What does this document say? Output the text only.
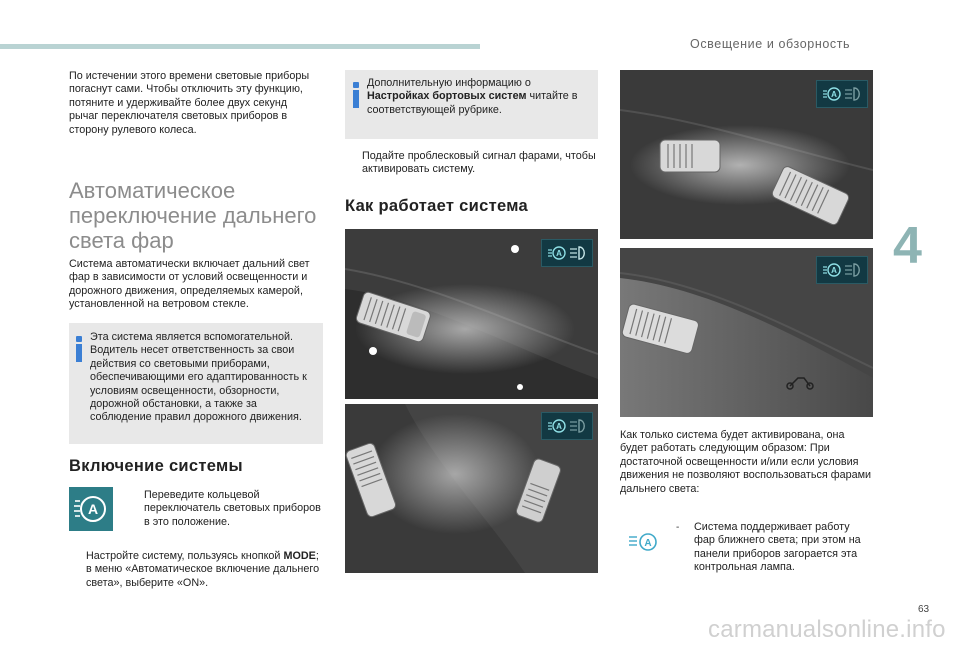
Освещение и обзорность
4
По истечении этого времени световые приборы погаснут сами. Чтобы отключить эту функцию, потяните и удерживайте более двух секунд рычаг переключателя световых приборов в сторону рулевого колеса.
Автоматическое переключение дальнего света фар
Система автоматически включает дальний свет фар в зависимости от условий освещенности и дорожного движения, определяемых камерой, установленной на ветровом стекле.
Эта система является вспомогательной. Водитель несет ответственность за свои действия со световыми приборами, обеспечивающими его адаптированность к условиям освещенности, обзорности, дорожной обстановки, а также за соблюдение правил дорожного движения.
Включение системы
A
Переведите кольцевой переключатель световых приборов в это положение.
Настройте систему, пользуясь кнопкой MODE; в меню «Автоматическое включение дальнего света», выберите «ON».
Дополнительную информацию о Настройках бортовых систем читайте в соответствующей рубрике.
Подайте проблесковый сигнал фарами, чтобы активировать систему.
Как работает система
A
A
A
A
Как только система будет активирована, она будет работать следующим образом: При достаточной освещенности и/или если условия движения не позволяют воспользоваться фарами дальнего света:
A
- Система поддерживает работу фар ближнего света; при этом на панели приборов загорается эта контрольная лампа.
63
carmanualsonline.info
